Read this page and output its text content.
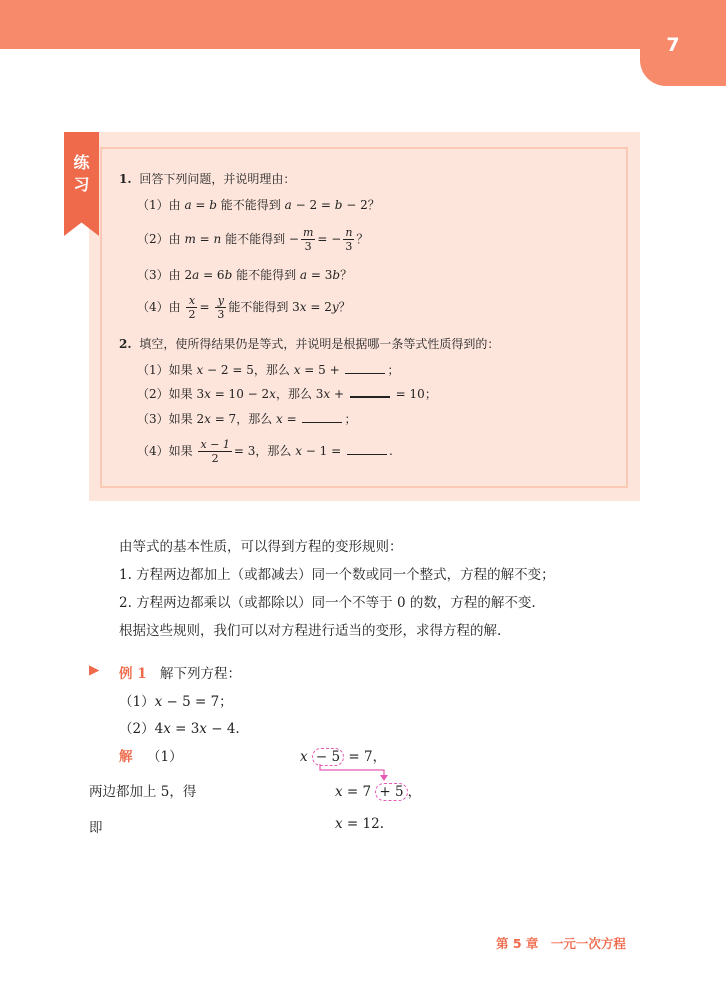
7
练习 1. 回答下列问题，并说明理由：
（1）由 a = b 能不能得到 a − 2 = b − 2？
（2）由 m = n 能不能得到 − $\frac{m}{3}$ = − $\frac{n}{3}$ ？
（3）由 2a = 6b 能不能得到 a = 3b？
（4）由 $\frac{x}{2} = \frac{y}{3}$ 能不能得到 3x = 2y？
2. 填空，使所得结果仍是等式，并说明是根据哪一条等式性质得到的：
（1）如果 x − 2 = 5，那么 x = 5 +	；
（2）如果 3x = 10 − 2x，那么 3x +	= 10；
（3）如果 2x = 7，那么 x =	；
（4）如果 $\frac{x - 1}{2} = 3$，那么 x − 1 =	.
由等式的基本性质，可以得到方程的变形规则：
1. 方程两边都加上（或都减去）同一个数或同一个整式，方程的解不变；
2. 方程两边都乘以（或都除以）同一个不等于 0 的数，方程的解不变.
根据这些规则，我们可以对方程进行适当的变形，求得方程的解.
▶ 例 1 解下列方程：
（1）x − 5 = 7；
（2）4x = 3x − 4.
解 （1）	x − 5 = 7，
两边都加上 5，得	x = 7 + 5 ，
即	x = 12.
第 5 章　一元一次方程
